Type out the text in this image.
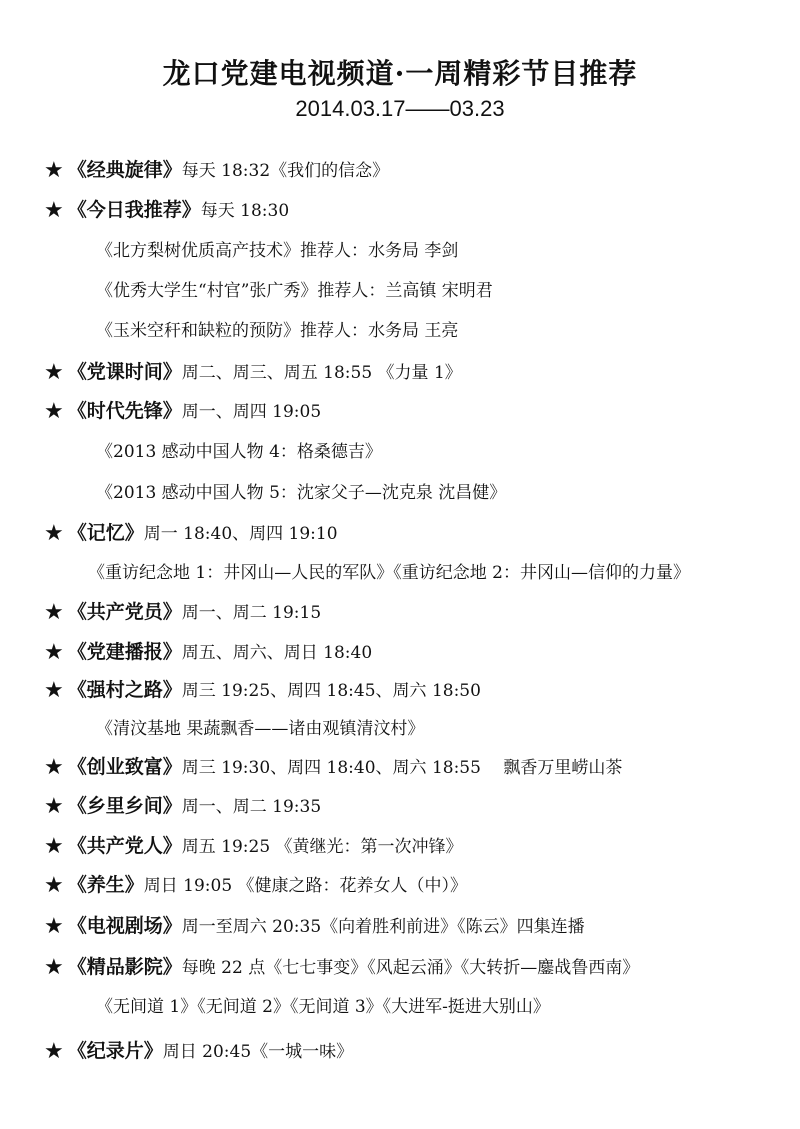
龙口党建电视频道·一周精彩节目推荐
2014.03.17——03.23
★ 《经典旋律》每天 18:32《我们的信念》
★ 《今日我推荐》每天 18:30
《北方梨树优质高产技术》推荐人：水务局 李剑
《优秀大学生“村官”张广秀》推荐人：兰高镇 宋明君
《玉米空秆和缺粒的预防》推荐人：水务局 王亮
★ 《党课时间》周二、周三、周五 18:55 《力量 1》
★ 《时代先锋》周一、周四 19:05
《2013 感动中国人物 4：格桑德吉》
《2013 感动中国人物 5：沈家父子—沈克泉 沈昌健》
★ 《记忆》周一 18:40、周四 19:10
《重访纪念地 1：井冈山—人民的军队》《重访纪念地 2：井冈山—信仰的力量》
★ 《共产党员》周一、周二 19:15
★ 《党建播报》周五、周六、周日 18:40
★ 《强村之路》周三 19:25、周四 18:45、周六 18:50
《清汶基地 果蔬飘香——诸由观镇清汶村》
★ 《创业致富》周三 19:30、周四 18:40、周六 18:55　 飘香万里崂山茶
★ 《乡里乡间》周一、周二 19:35
★ 《共产党人》周五 19:25 《黄继光：第一次冲锋》
★ 《养生》周日 19:05 《健康之路：花养女人（中）》
★ 《电视剧场》周一至周六 20:35《向着胜利前进》《陈云》四集连播
★ 《精品影院》每晚 22 点《七七事变》《风起云涌》《大转折—鏖战鲁西南》
《无间道 1》《无间道 2》《无间道 3》《大进军-挺进大别山》
★ 《纪录片》周日 20:45《一城一味》
